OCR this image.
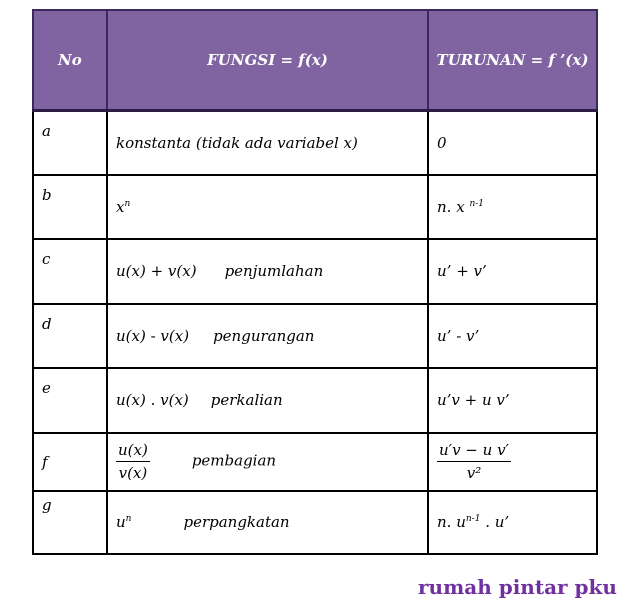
No	FUNGSI = f(x)	TURUNAN = f ’(x)
a	konstanta (tidak ada variabel x)	0
b	$x^n$	n. x $^{n-1}$
c	u(x) + v(x) penjumlahan	u’ + v’
d	u(x) - v(x) pengurangan	u’ - v’
e	u(x) . v(x) perkalian	u’v + u v’
f	$\frac{u(x)}{v(x)}$ pembagian	$\frac{\text{u′v − u v′}}{\text{v²}}$

g	$u^n$ perpangkatan	n. $u^{n-1}$ . u’
rumah pintar pku
